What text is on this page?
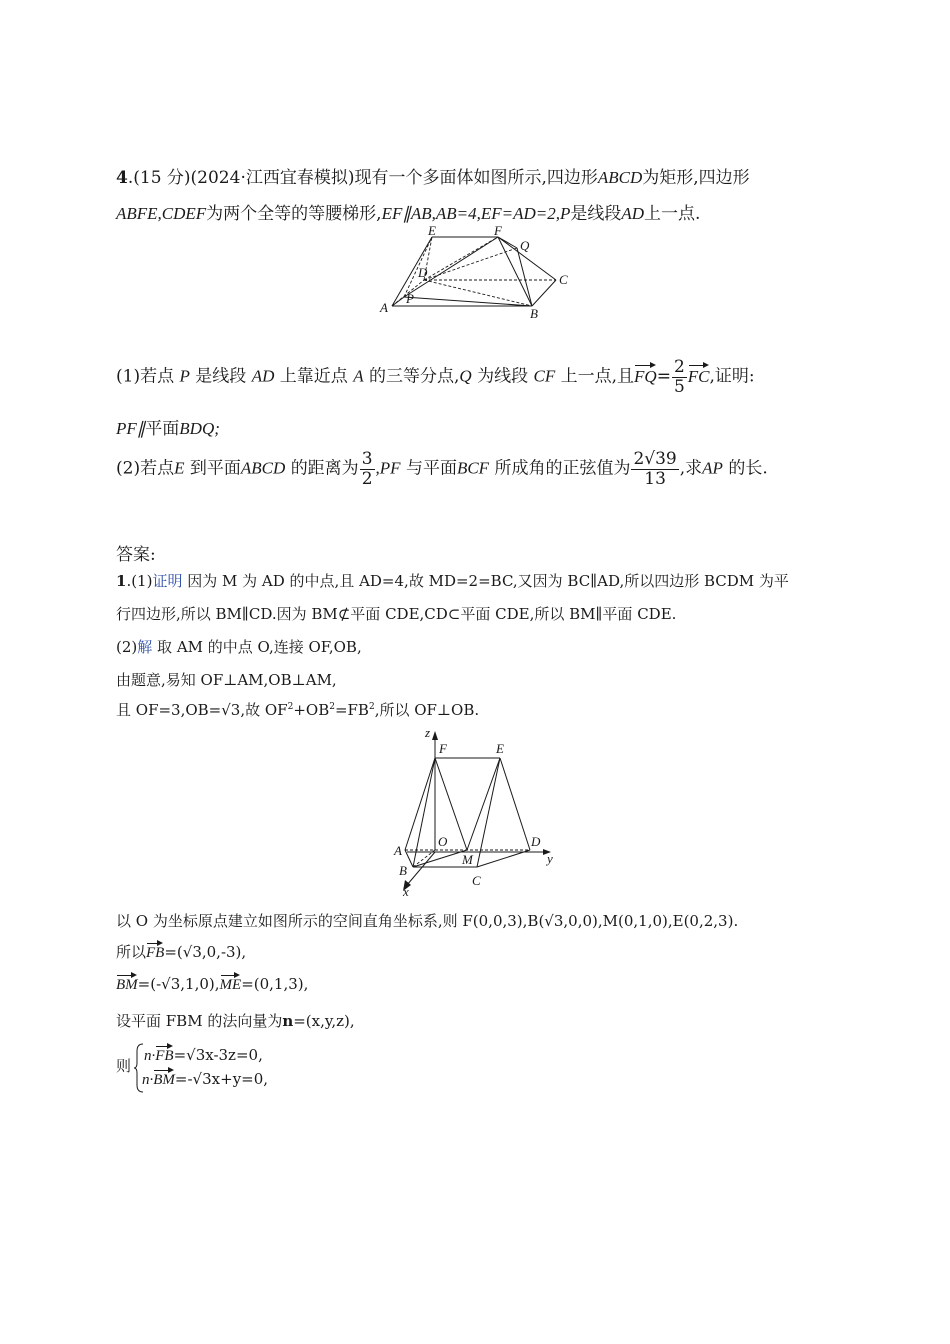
4.(15 分)(2024·江西宜春模拟)现有一个多面体如图所示,四边形ABCD为矩形,四边形
ABFE,CDEF为两个全等的等腰梯形,EF∥AB,AB=4,EF=AD=2,P是线段AD上一点.
E	F
Q
D	C
A
P
B
(1)若点 P 是线段 AD 上靠近点 A 的三等分点,Q 为线段 CF 上一点,且$FQ= \frac{2}{5}$ FC,证明:
PF∥平面BDQ;
(2)若点E 到平面ABCD 的距离为 $\frac{3}{2} ,PF$ 与平面BCF 所成角的正弦值为 $\frac{2√39}{13}$ ,求AP 的长.
答案:
1.(1)证明 因为 M 为 AD 的中点,且 AD=4,故 MD=2=BC,又因为 BC∥AD,所以四边形 BCDM 为平
行四边形,所以 BM∥CD.因为 BM⊄平面 CDE,CD⊂平面 CDE,所以 BM∥平面 CDE.
(2)解 取 AM 的中点 O,连接 OF,OB,
由题意,易知 OF⊥AM,OB⊥AM,
且 OF=3,OB=√3,故 $OF^2+OB^2=FB^2$,所以 OF⊥OB.
z
F	E
A
O
M
D
y
B
C
x
以 O 为坐标原点建立如图所示的空间直角坐标系,则 F(0,0,3),B(√3,0,0),M(0,1,0),E(0,2,3).
所以FB=(√3,0,-3),
BM=(-√3,1,0),ME=(0,1,3),
设平面 FBM 的法向量为n=(x,y,z),
则
n·FB=√3x-3z=0,
n·BM=-√3x+y=0,
